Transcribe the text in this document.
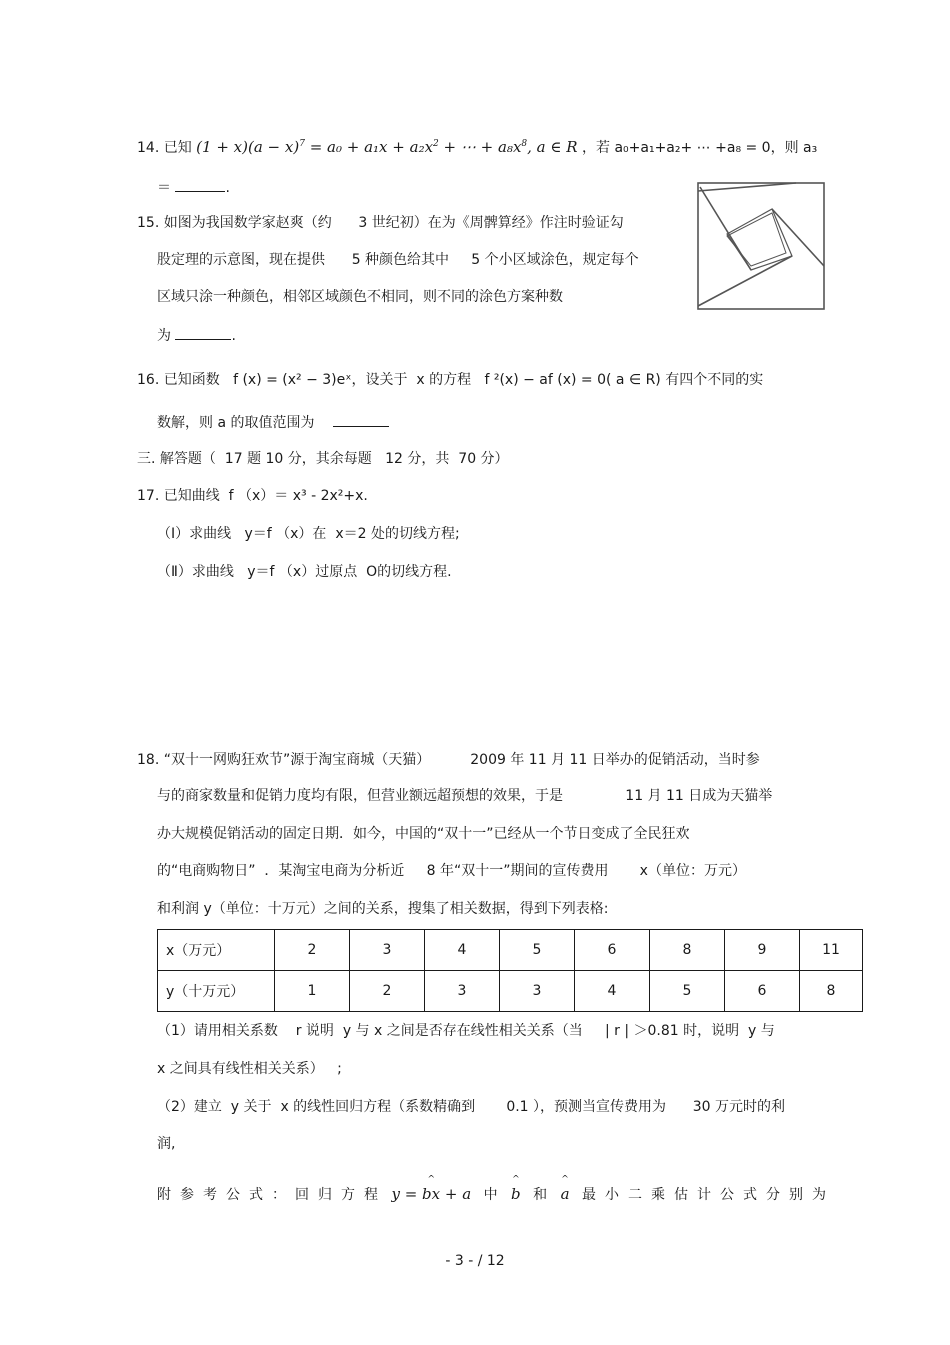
14. 已知 $(1 + x)(a - x)^7 = a_0 + a_1x + a_2x^2$ + ⋯ + $a_8x^8$, a ∈ R ，若 a₀+a₁+a₂+ ⋯ +a₈ = 0，则 a₃
＝	.
15. 如图为我国数学家赵爽（约      3 世纪初）在为《周髀算经》作注时验证勾
股定理的示意图，现在提供      5 种颜色给其中     5 个小区域涂色，规定每个
区域只涂一种颜色，相邻区域颜色不相同，则不同的涂色方案种数
为	.
16. 已知函数   f (x) = (x² − 3)eˣ，设关于  x 的方程   f ²(x) − af (x) = 0( a ∈ R) 有四个不同的实
数解，则 a 的取值范围为
三. 解答题（  17 题 10 分，其余每题   12 分，共  70 分）
17. 已知曲线  f （x）＝ x³ - 2x²+x.
（Ⅰ）求曲线   y＝f （x）在  x＝2 处的切线方程;
（Ⅱ）求曲线   y＝f （x）过原点  O的切线方程.
18. “双十一网购狂欢节”源于淘宝商城（天猫）         2009 年 11 月 11 日举办的促销活动，当时参
与的商家数量和促销力度均有限，但营业额远超预想的效果，于是              11 月 11 日成为天猫举
办大规模促销活动的固定日期．如今，中国的“双十一”已经从一个节日变成了全民狂欢
的“电商购物日”  ．某淘宝电商为分析近     8 年“双十一”期间的宣传费用       x（单位：万元）
和利润 y（单位：十万元）之间的关系，搜集了相关数据，得到下列表格:
x（万元）	2	3	4	5	6	8	9	11
y（十万元）	1	2	3	3	4	5	6	8
（1）请用相关系数    r 说明  y 与 x 之间是否存在线性相关关系（当     | r | ＞0.81 时，说明  y 与
x 之间具有线性相关关系）   ;
（2）建立  y 关于  x 的线性回归方程（系数精确到       0.1 ），预测当宣传费用为      30 万元时的利
润,
附参考公式：回归方程 ^ y = bx + a 中 ^ b 和 ^ a 最小二乘估计公式分别为
- 3 - / 12
